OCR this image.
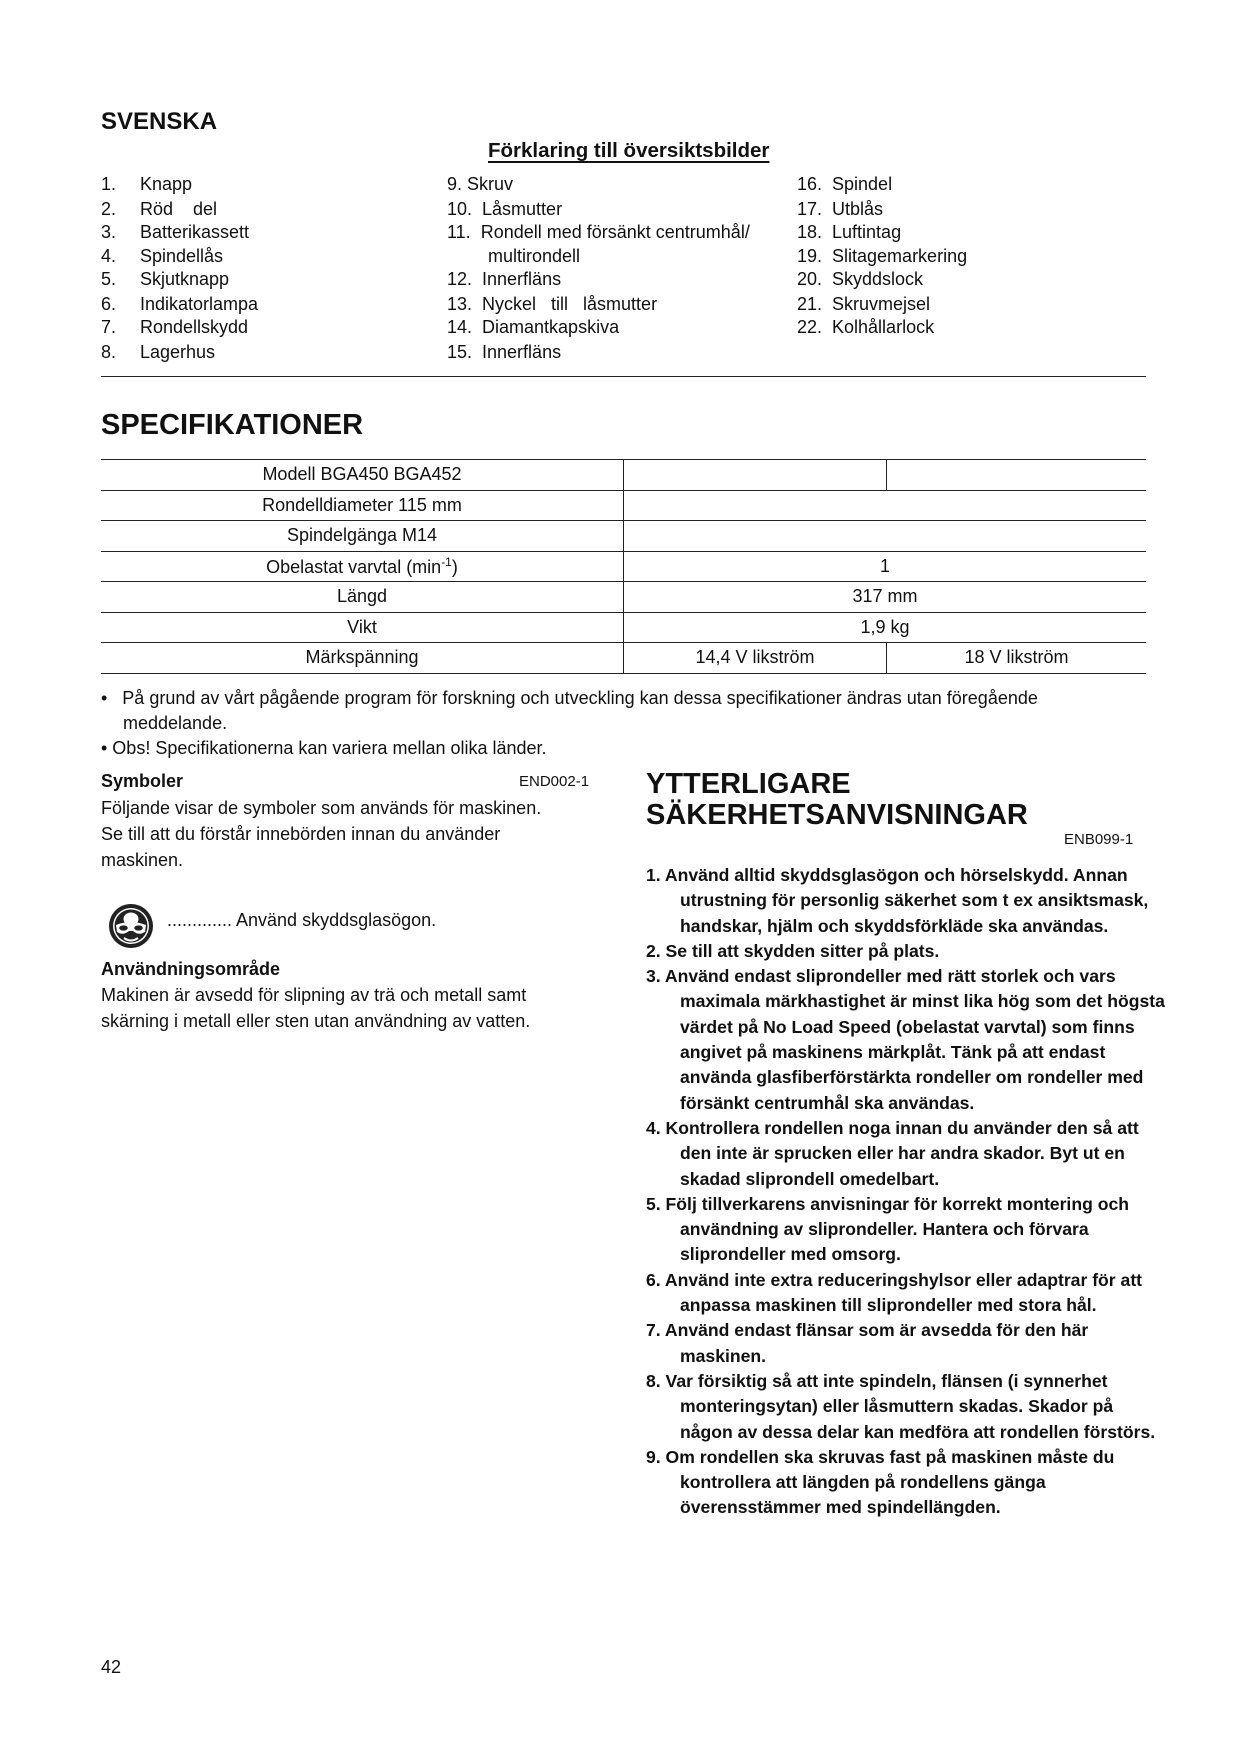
SVENSKA
Förklaring till översiktsbilder
1. Knapp
2. Röd    del
3. Batterikassett
4. Spindellås
5. Skjutknapp
6. Indikatorlampa
7. Rondellskydd
8. Lagerhus
9. Skruv
10.  Låsmutter
11.  Rondell med försänkt centrumhål/
multirondell
12.  Innerfläns
13.  Nyckel   till   låsmutter
14.  Diamantkapskiva
15.  Innerfläns
16.  Spindel
17.  Utblås
18.  Luftintag
19.  Slitagemarkering
20.  Skyddslock
21.  Skruvmejsel
22.  Kolhållarlock
SPECIFIKATIONER
Modell BGA450 BGA452		
Rondelldiameter 115 mm		
Spindelgänga M14		
Obelastat varvtal $(\min^{-1})$	1	
Längd	317 mm	
Vikt	1,9 kg	
Märkspänning	14,4 V likström	18 V likström
•   På grund av vårt pågående program för forskning och utveckling kan dessa specifikationer ändras utan föregående
meddelande.
• Obs! Specifikationerna kan variera mellan olika länder.
Symboler	END002-1
Följande visar de symboler som används för maskinen.
Se till att du förstår innebörden innan du använder
maskinen.
............. Använd skyddsglasögon.
Användningsområde
Makinen är avsedd för slipning av trä och metall samt
skärning i metall eller sten utan användning av vatten.
YTTERLIGARE
SÄKERHETSANVISNINGAR
ENB099-1

1. Använd alltid skyddsglasögon och hörselskydd. Annan utrustning för personlig säkerhet som t ex ansiktsmask, handskar, hjälm och skyddsförkläde ska användas.

2. Se till att skydden sitter på plats.

3. Använd endast sliprondeller med rätt storlek och vars maximala märkhastighet är minst lika hög som det högsta värdet på No Load Speed (obelastat varvtal) som finns angivet på maskinens märkplåt. Tänk på att endast använda glasfiberförstärkta rondeller om rondeller med försänkt centrumhål ska användas.

4. Kontrollera rondellen noga innan du använder den så att den inte är sprucken eller har andra skador. Byt ut en skadad sliprondell omedelbart.

5. Följ tillverkarens anvisningar för korrekt montering och användning av sliprondeller. Hantera och förvara sliprondeller med omsorg.

6. Använd inte extra reduceringshylsor eller adaptrar för att anpassa maskinen till sliprondeller med stora hål.

7. Använd endast flänsar som är avsedda för den här maskinen.

8. Var försiktig så att inte spindeln, flänsen (i synnerhet monteringsytan) eller låsmuttern skadas. Skador på någon av dessa delar kan medföra att rondellen förstörs.

9. Om rondellen ska skruvas fast på maskinen måste du kontrollera att längden på rondellens gänga överensstämmer med spindellängden.

42
